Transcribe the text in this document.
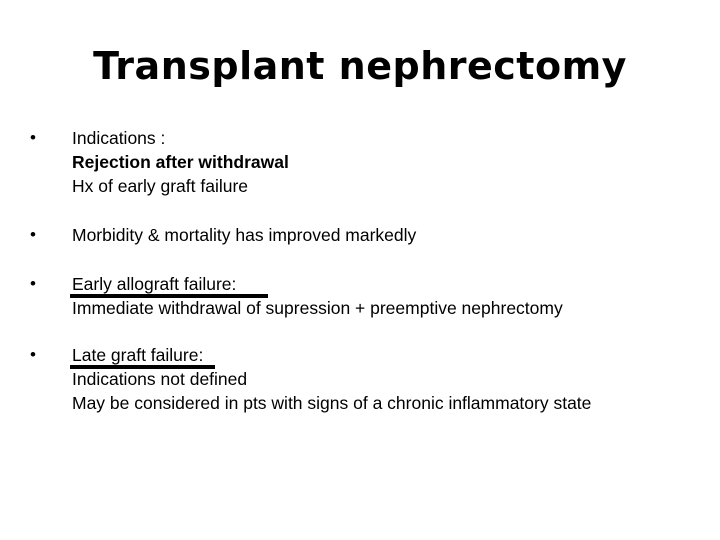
Transplant nephrectomy
•	Indications :
Rejection after withdrawal
Hx of early graft failure
•	Morbidity & mortality has improved markedly
•	Early allograft failure:
Immediate withdrawal of supression + preemptive nephrectomy
•	Late graft failure:
Indications not defined
May be considered in pts with signs of a chronic inflammatory state
